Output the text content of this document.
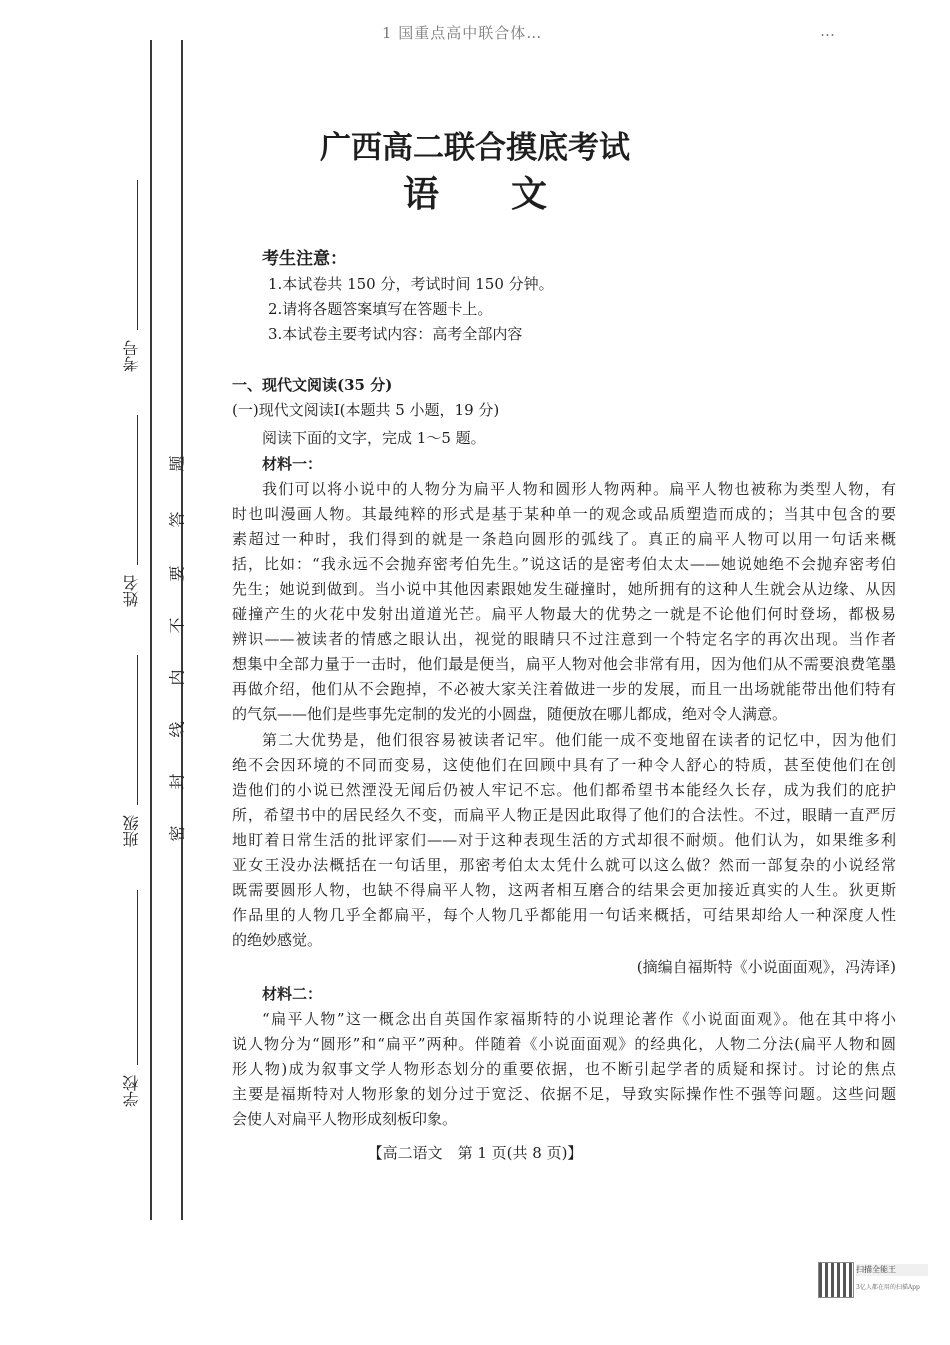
1 国重点高中联合体…	…
考号
姓名
班级
学校
密
封
线
内
不
要
答
题
广西高二联合摸底考试
语　　文
考生注意：
1.本试卷共 150 分，考试时间 150 分钟。
2.请将各题答案填写在答题卡上。
3.本试卷主要考试内容：高考全部内容
一、现代文阅读(35 分)
(一)现代文阅读Ⅰ(本题共 5 小题，19 分)
阅读下面的文字，完成 1～5 题。
材料一：
我们可以将小说中的人物分为扁平人物和圆形人物两种。扁平人物也被称为类型人物，有
时也叫漫画人物。其最纯粹的形式是基于某种单一的观念或品质塑造而成的；当其中包含的要
素超过一种时，我们得到的就是一条趋向圆形的弧线了。真正的扁平人物可以用一句话来概
括，比如：“我永远不会抛弃密考伯先生。”说这话的是密考伯太太——她说她绝不会抛弃密考伯
先生；她说到做到。当小说中其他因素跟她发生碰撞时，她所拥有的这种人生就会从边缘、从因
碰撞产生的火花中发射出道道光芒。扁平人物最大的优势之一就是不论他们何时登场，都极易
辨识——被读者的情感之眼认出，视觉的眼睛只不过注意到一个特定名字的再次出现。当作者
想集中全部力量于一击时，他们最是便当，扁平人物对他会非常有用，因为他们从不需要浪费笔墨
再做介绍，他们从不会跑掉，不必被大家关注着做进一步的发展，而且一出场就能带出他们特有
的气氛——他们是些事先定制的发光的小圆盘，随便放在哪儿都成，绝对令人满意。
第二大优势是，他们很容易被读者记牢。他们能一成不变地留在读者的记忆中，因为他们
绝不会因环境的不同而变易，这使他们在回顾中具有了一种令人舒心的特质，甚至使他们在创
造他们的小说已然湮没无闻后仍被人牢记不忘。他们都希望书本能经久长存，成为我们的庇护
所，希望书中的居民经久不变，而扁平人物正是因此取得了他们的合法性。不过，眼睛一直严厉
地盯着日常生活的批评家们——对于这种表现生活的方式却很不耐烦。他们认为，如果维多利
亚女王没办法概括在一句话里，那密考伯太太凭什么就可以这么做？然而一部复杂的小说经常
既需要圆形人物，也缺不得扁平人物，这两者相互磨合的结果会更加接近真实的人生。狄更斯
作品里的人物几乎全都扁平，每个人物几乎都能用一句话来概括，可结果却给人一种深度人性
的绝妙感觉。
(摘编自福斯特《小说面面观》，冯涛译)
材料二：
“扁平人物”这一概念出自英国作家福斯特的小说理论著作《小说面面观》。他在其中将小
说人物分为“圆形”和“扁平”两种。伴随着《小说面面观》的经典化，人物二分法(扁平人物和圆
形人物)成为叙事文学人物形态划分的重要依据，也不断引起学者的质疑和探讨。讨论的焦点
主要是福斯特对人物形象的划分过于宽泛、依据不足，导致实际操作性不强等问题。这些问题
会使人对扁平人物形成刻板印象。
【高二语文　第 1 页(共 8 页)】
扫描全能王
3亿人都在用的扫描App
